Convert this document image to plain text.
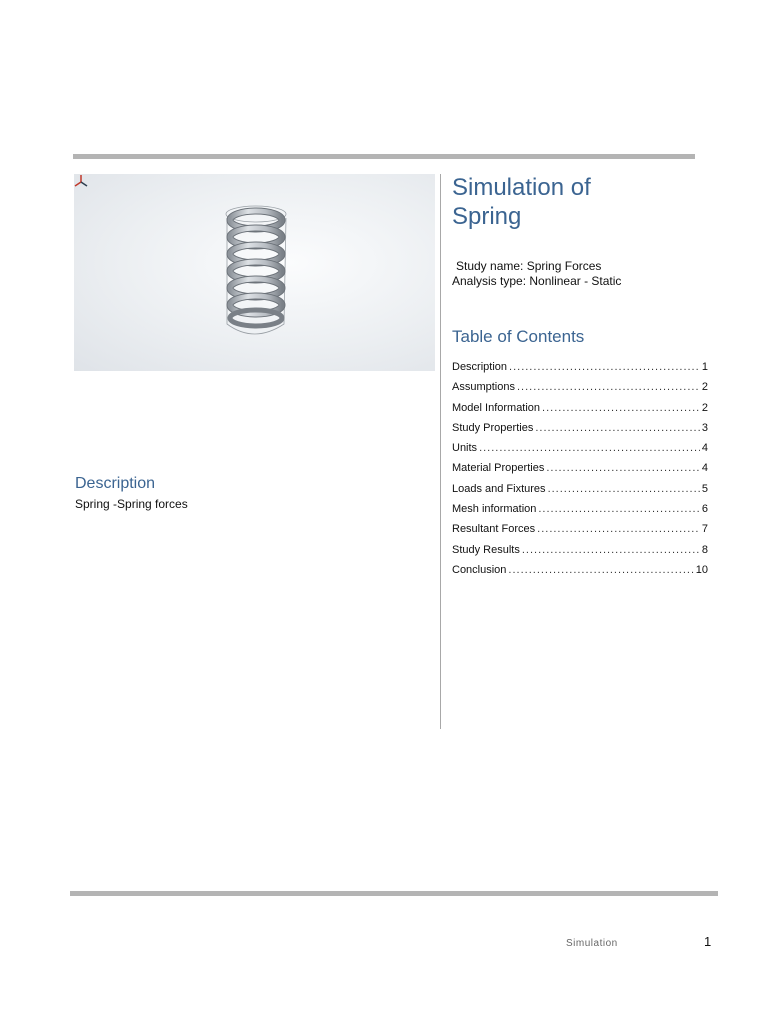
Simulation of
Spring
Study name: Spring Forces
Analysis type: Nonlinear - Static
Table of Contents
Description .....	1
Assumptions .....	2
Model Information .....	2
Study Properties .....	3
Units .....	4
Material Properties .....	4
Loads and Fixtures .....	5
Mesh information .....	6
Resultant Forces .....	7
Study Results .....	8
Conclusion .....	10
Description
Spring -Spring forces
Simulation	1
